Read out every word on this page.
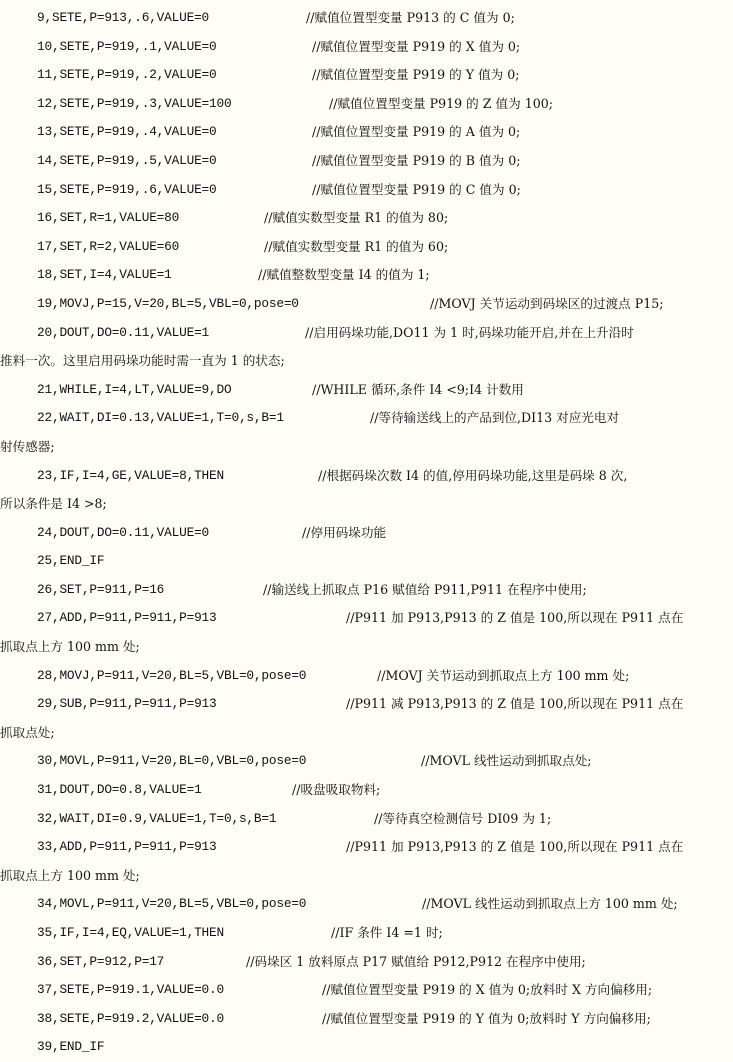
9,SETE,P=913,.6,VALUE=0	//赋值位置型变量 P913 的 C 值为 0;
10,SETE,P=919,.1,VALUE=0	//赋值位置型变量 P919 的 X 值为 0;
11,SETE,P=919,.2,VALUE=0	//赋值位置型变量 P919 的 Y 值为 0;
12,SETE,P=919,.3,VALUE=100	//赋值位置型变量 P919 的 Z 值为 100;
13,SETE,P=919,.4,VALUE=0	//赋值位置型变量 P919 的 A 值为 0;
14,SETE,P=919,.5,VALUE=0	//赋值位置型变量 P919 的 B 值为 0;
15,SETE,P=919,.6,VALUE=0	//赋值位置型变量 P919 的 C 值为 0;
16,SET,R=1,VALUE=80	//赋值实数型变量 R1 的值为 80;
17,SET,R=2,VALUE=60	//赋值实数型变量 R1 的值为 60;
18,SET,I=4,VALUE=1	//赋值整数型变量 I4 的值为 1;
19,MOVJ,P=15,V=20,BL=5,VBL=0,pose=0	//MOVJ 关节运动到码垛区的过渡点 P15;
20,DOUT,DO=0.11,VALUE=1	//启用码垛功能,DO11 为 1 时,码垛功能开启,并在上升沿时
推料一次。这里启用码垛功能时需一直为 1 的状态;
21,WHILE,I=4,LT,VALUE=9,DO	//WHILE 循环,条件 I4 <9;I4 计数用
22,WAIT,DI=0.13,VALUE=1,T=0,s,B=1	//等待输送线上的产品到位,DI13 对应光电对
射传感器;
23,IF,I=4,GE,VALUE=8,THEN	//根据码垛次数 I4 的值,停用码垛功能,这里是码垛 8 次,
所以条件是 I4 >8;
24,DOUT,DO=0.11,VALUE=0	//停用码垛功能
25,END_IF
26,SET,P=911,P=16	//输送线上抓取点 P16 赋值给 P911,P911 在程序中使用;
27,ADD,P=911,P=911,P=913	//P911 加 P913,P913 的 Z 值是 100,所以现在 P911 点在
抓取点上方 100 mm 处;
28,MOVJ,P=911,V=20,BL=5,VBL=0,pose=0	//MOVJ 关节运动到抓取点上方 100 mm 处;
29,SUB,P=911,P=911,P=913	//P911 减 P913,P913 的 Z 值是 100,所以现在 P911 点在
抓取点处;
30,MOVL,P=911,V=20,BL=0,VBL=0,pose=0	//MOVL 线性运动到抓取点处;
31,DOUT,DO=0.8,VALUE=1	//吸盘吸取物料;
32,WAIT,DI=0.9,VALUE=1,T=0,s,B=1	//等待真空检测信号 DI09 为 1;
33,ADD,P=911,P=911,P=913	//P911 加 P913,P913 的 Z 值是 100,所以现在 P911 点在
抓取点上方 100 mm 处;
34,MOVL,P=911,V=20,BL=5,VBL=0,pose=0	//MOVL 线性运动到抓取点上方 100 mm 处;
35,IF,I=4,EQ,VALUE=1,THEN	//IF 条件 I4 =1 时;
36,SET,P=912,P=17	//码垛区 1 放料原点 P17 赋值给 P912,P912 在程序中使用;
37,SETE,P=919.1,VALUE=0.0	//赋值位置型变量 P919 的 X 值为 0;放料时 X 方向偏移用;
38,SETE,P=919.2,VALUE=0.0	//赋值位置型变量 P919 的 Y 值为 0;放料时 Y 方向偏移用;
39,END_IF
